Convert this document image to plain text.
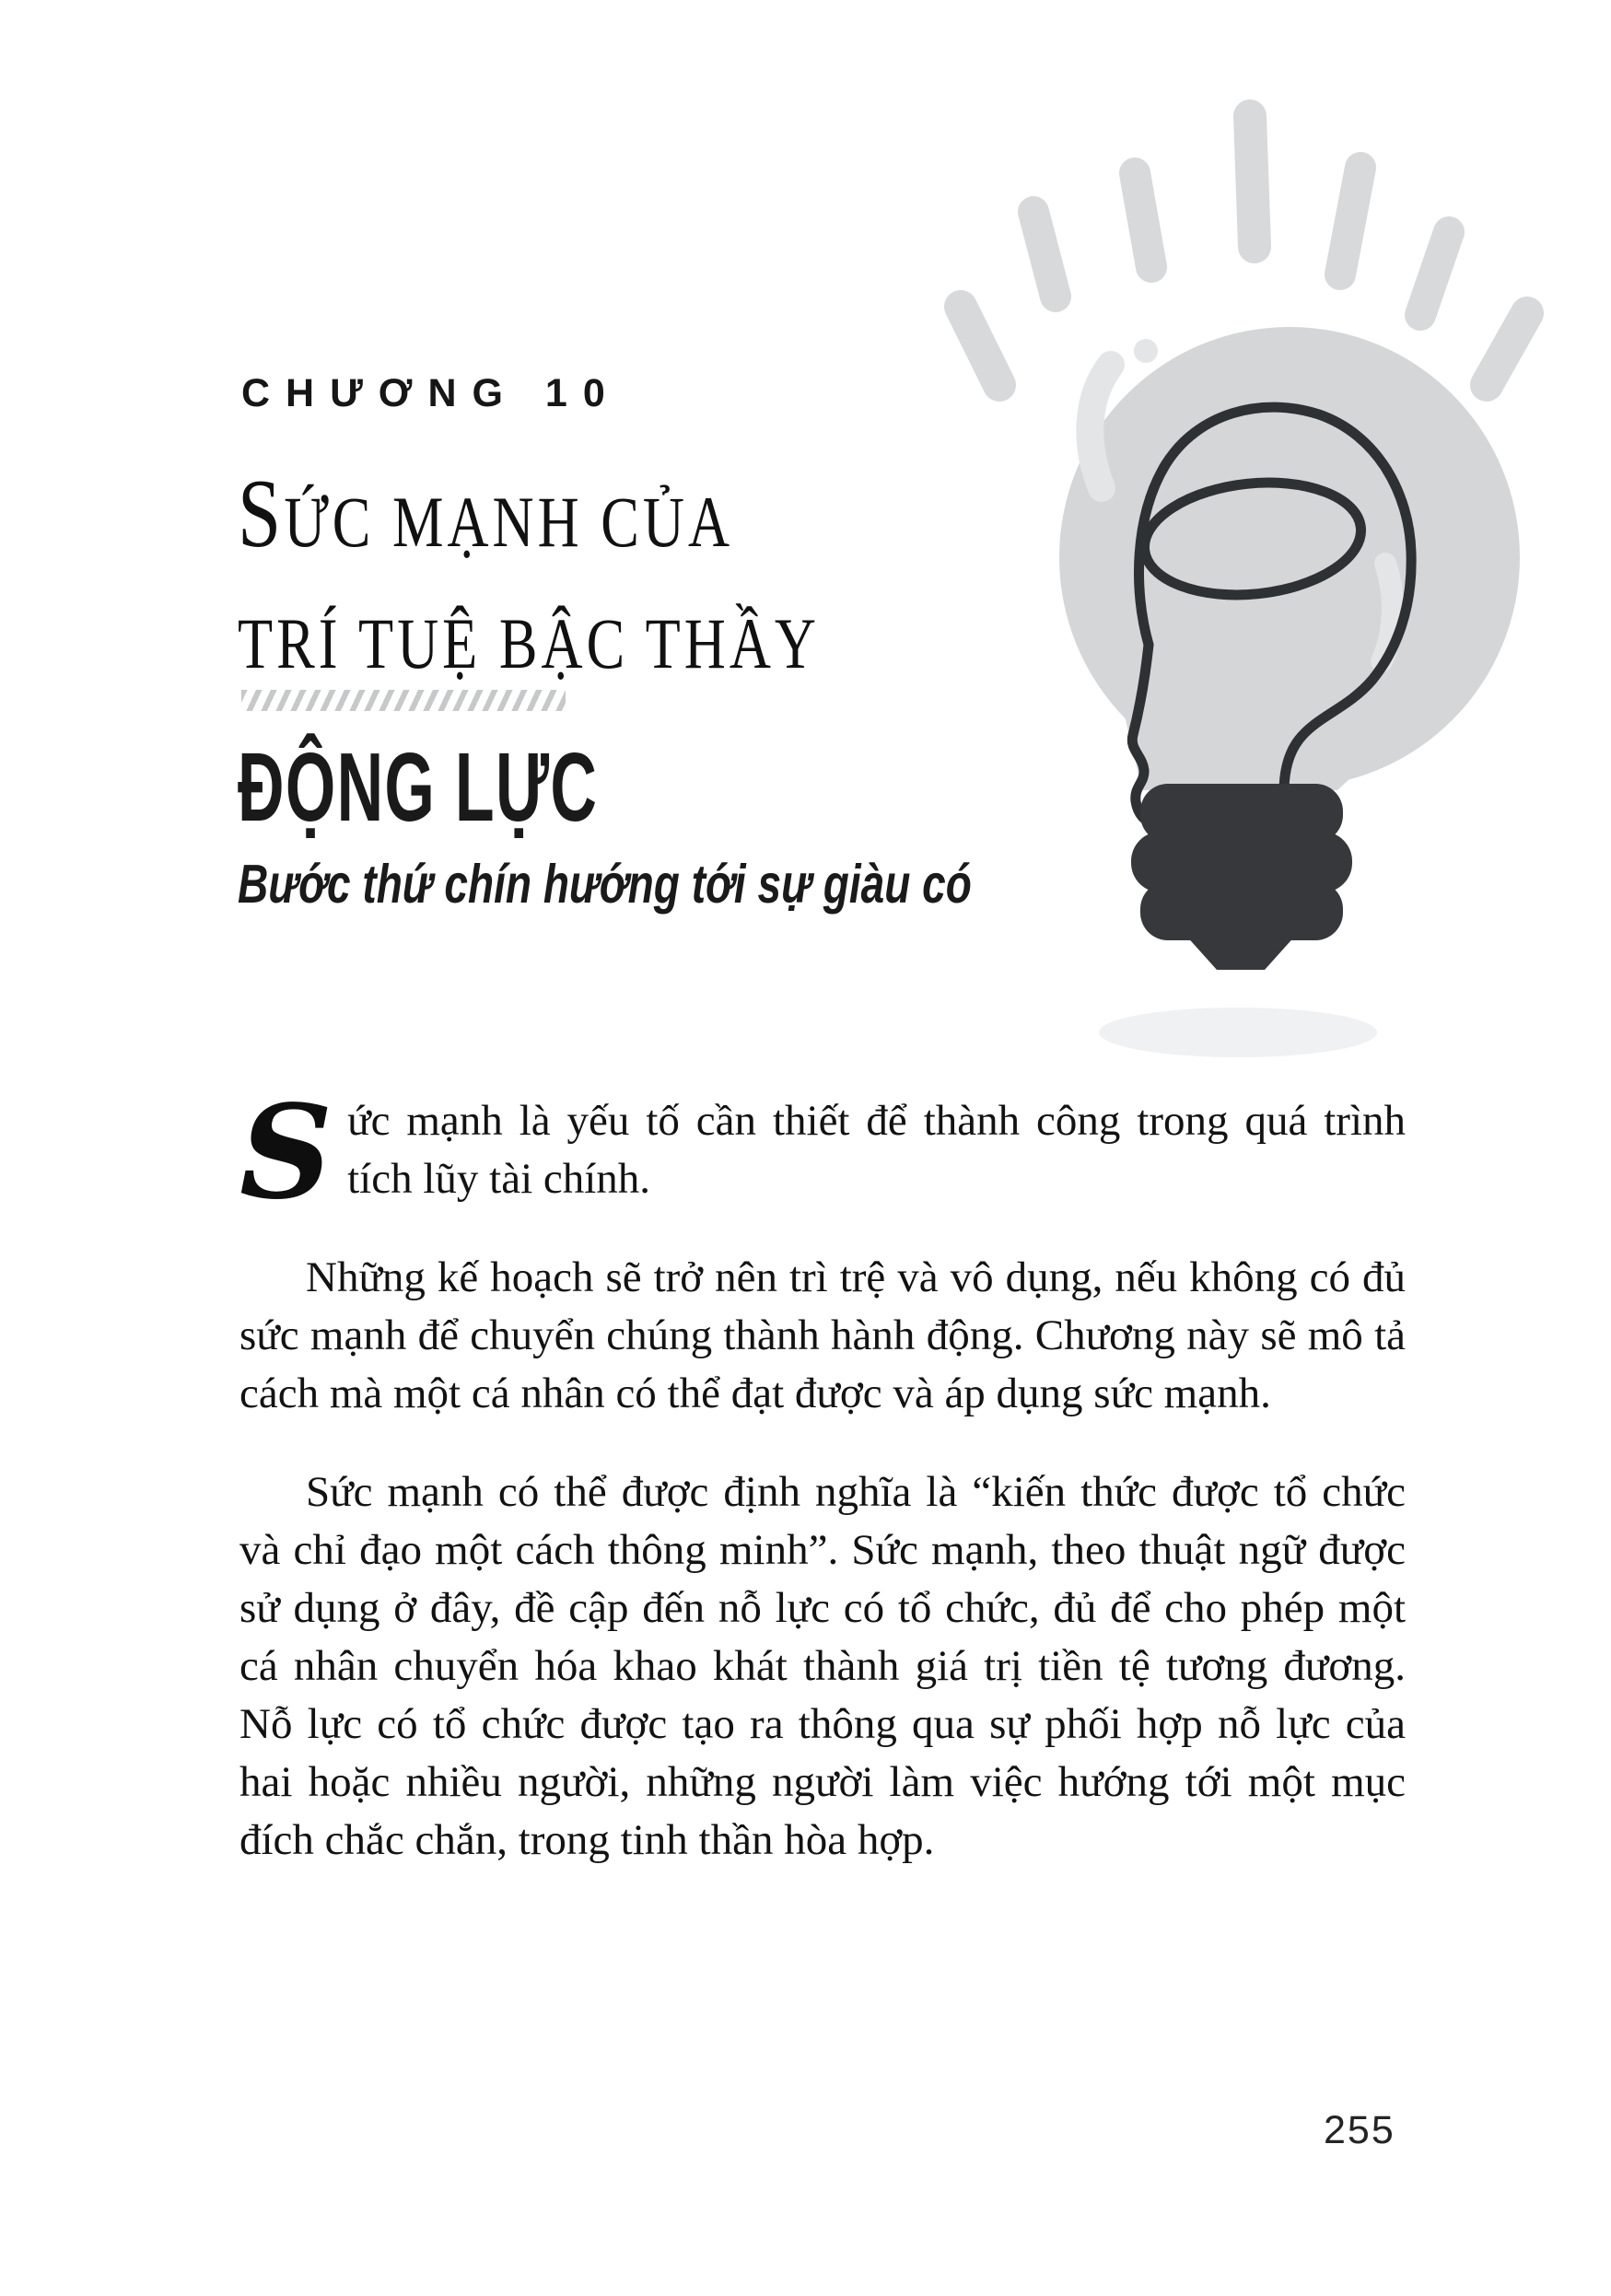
CHƯƠNG 10
SỨC MẠNH CỦA
TRÍ TUỆ BẬC THẦY
ĐỘNG LỰC

Bước thứ chín hướng tới sự giàu có

Sức mạnh là yếu tố cần thiết để thành công trong quá trình tích lũy tài chính.

Những kế hoạch sẽ trở nên trì trệ và vô dụng, nếu không có đủ sức mạnh để chuyển chúng thành hành động. Chương này sẽ mô tả cách mà một cá nhân có thể đạt được và áp dụng sức mạnh.

Sức mạnh có thể được định nghĩa là “kiến thức được tổ chức và chỉ đạo một cách thông minh”. Sức mạnh, theo thuật ngữ được sử dụng ở đây, đề cập đến nỗ lực có tổ chức, đủ để cho phép một cá nhân chuyển hóa khao khát thành giá trị tiền tệ tương đương. Nỗ lực có tổ chức được tạo ra thông qua sự phối hợp nỗ lực của hai hoặc nhiều người, những người làm việc hướng tới một mục đích chắc chắn, trong tinh thần hòa hợp.

255
